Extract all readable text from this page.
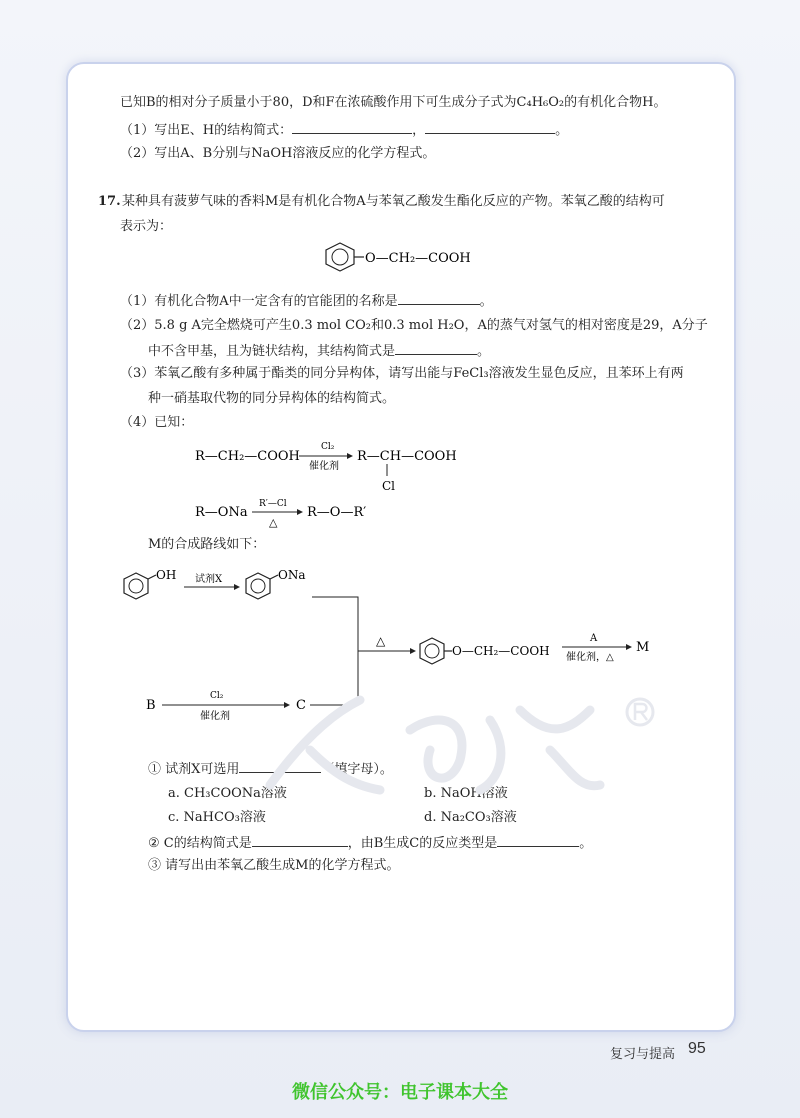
已知B的相对分子质量小于80，D和F在浓硫酸作用下可生成分子式为C₄H₆O₂的有机化合物H。
（1）写出E、H的结构简式：	，	。
（2）写出A、B分别与NaOH溶液反应的化学方程式。
17. 某种具有菠萝气味的香料M是有机化合物A与苯氧乙酸发生酯化反应的产物。苯氧乙酸的结构可
表示为：
O—CH₂—COOH
（1）有机化合物A中一定含有的官能团的名称是	。
（2）5.8 g A完全燃烧可产生0.3 mol CO₂和0.3 mol H₂O，A的蒸气对氢气的相对密度是29，A分子
中不含甲基，且为链状结构，其结构简式是	。
（3）苯氧乙酸有多种属于酯类的同分异构体，请写出能与FeCl₃溶液发生显色反应，且苯环上有两
种一硝基取代物的同分异构体的结构简式。
（4）已知：
R—CH₂—COOH
Cl₂
催化剂
R—CH—COOH
Cl
R—ONa
R′—Cl
△
R—O—R′
M的合成路线如下：
OH 试剂X	ONa
△
O—CH₂—COOH
A
催化剂，△
M
B
Cl₂
催化剂
C
① 试剂X可选用	（填字母）。
a. CH₃COONa溶液	b. NaOH溶液
c. NaHCO₃溶液	d. Na₂CO₃溶液
② C的结构简式是	，由B生成C的反应类型是	。
③ 请写出由苯氧乙酸生成M的化学方程式。
复习与提高 95
微信公众号：电子课本大全
